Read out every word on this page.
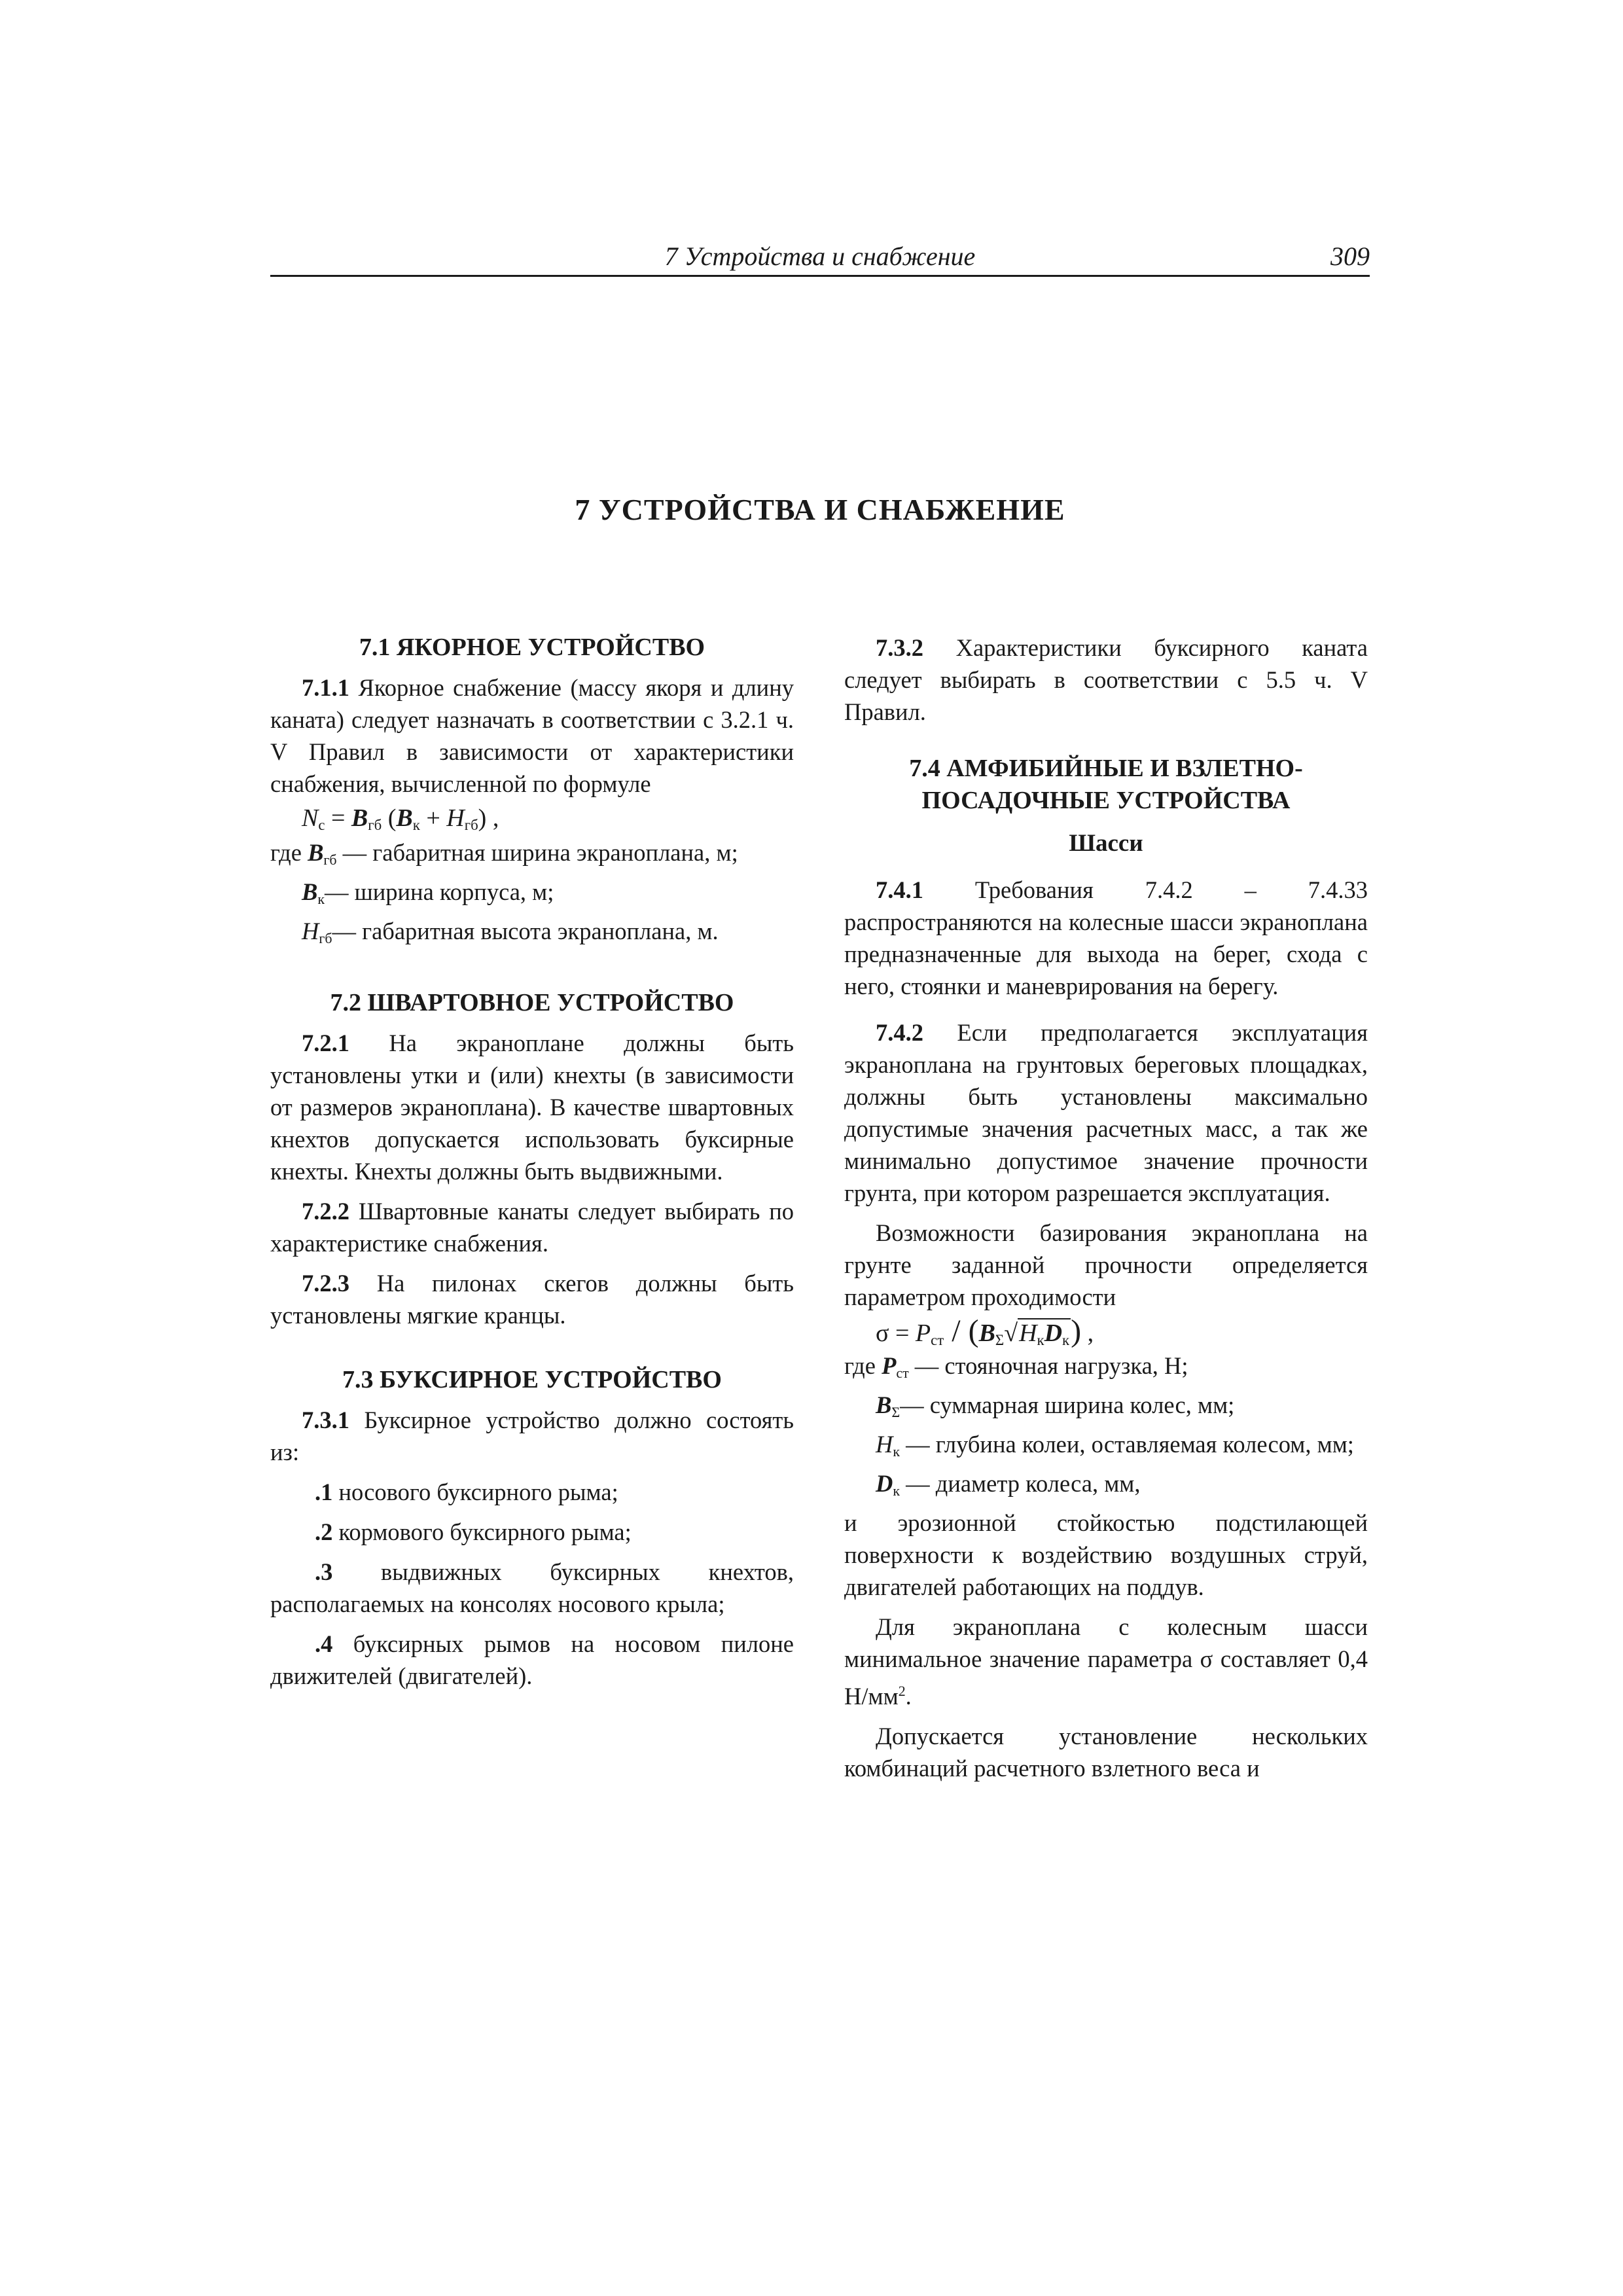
7 Устройства и снабжение	309
7 УСТРОЙСТВА И СНАБЖЕНИЕ
7.1 ЯКОРНОЕ УСТРОЙСТВО

7.1.1 Якорное снабжение (массу якоря и длину каната) следует назначать в соответствии с 3.2.1 ч. V Правил в зависимости от характеристики снабжения, вычисленной по формуле

$N_с = B_{гб}$ $(B_к + H_{гб})$ ,

где $B_{гб}$ — габаритная ширина экраноплана, м;

$B_к—$ ширина корпуса, м;

$H_{гб}—$ габаритная высота экраноплана, м.

7.2 ШВАРТОВНОЕ УСТРОЙСТВО

7.2.1 На экраноплане должны быть установлены утки и (или) кнехты (в зависимости от размеров экраноплана). В качестве швартовных кнехтов допускается использовать буксирные кнехты. Кнехты должны быть выдвижными.

7.2.2 Швартовные канаты следует выбирать по характеристике снабжения.

7.2.3 На пилонах скегов должны быть установлены мягкие кранцы.

7.3 БУКСИРНОЕ УСТРОЙСТВО

7.3.1 Буксирное устройство должно состоять из:

.1 носового буксирного рыма;

.2 кормового буксирного рыма;

.3 выдвижных буксирных кнехтов, располагаемых на консолях носового крыла;

.4 буксирных рымов на носовом пилоне движителей (двигателей).

7.3.2 Характеристики буксирного каната следует выбирать в соответствии с 5.5 ч. V Правил.

7.4 АМФИБИЙНЫЕ И ВЗЛЕТНО-
ПОСАДОЧНЫЕ УСТРОЙСТВА
Шасси

7.4.1 Требования 7.4.2 – 7.4.33 распространяются на колесные шасси экраноплана предназначенные для выхода на берег, схода с него, стоянки и маневрирования на берегу.

7.4.2 Если предполагается эксплуатация экраноплана на грунтовых береговых площадках, должны быть установлены максимально допустимые значения расчетных масс, а так же минимально допустимое значение прочности грунта, при котором разрешается эксплуатация.

Возможности базирования экраноплана на грунте заданной прочности определяется параметром проходимости

$\sigma = P_{ст} / (B_\Sigma√H_кD_к)$ ,

где $P_{ст}$ — стояночная нагрузка, Н;

$B_\Sigma—$ суммарная ширина колес, мм;

$H_к$ — глубина колеи, оставляемая колесом, мм;

$D_к$ — диаметр колеса, мм,

и эрозионной стойкостью подстилающей поверхности к воздействию воздушных струй, двигателей работающих на поддув.

Для экраноплана с колесным шасси минимальное значение параметра σ составляет 0,4 $Н/мм^2$.

Допускается установление нескольких комбинаций расчетного взлетного веса и
